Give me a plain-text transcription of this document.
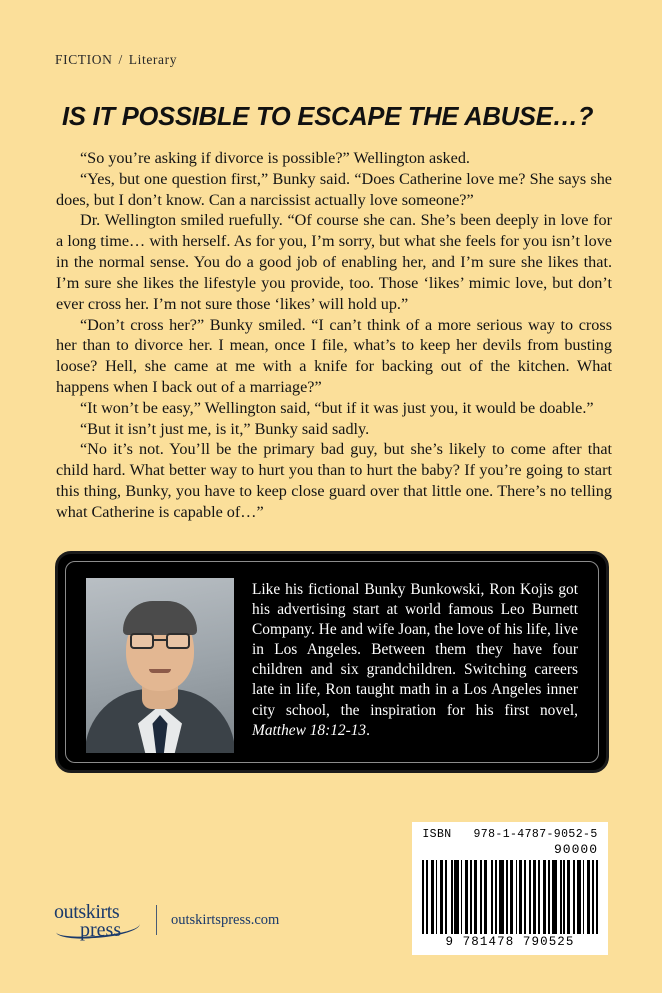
FICTION / Literary
IS IT POSSIBLE TO ESCAPE THE ABUSE…?

“So you’re asking if divorce is possible?” Wellington asked.

“Yes, but one question first,” Bunky said. “Does Catherine love me? She says she does, but I don’t know. Can a narcissist actually love someone?”

Dr. Wellington smiled ruefully. “Of course she can. She’s been deeply in love for a long time… with herself. As for you, I’m sorry, but what she feels for you isn’t love in the normal sense. You do a good job of enabling her, and I’m sure she likes that. I’m sure she likes the lifestyle you provide, too. Those ‘likes’ mimic love, but don’t ever cross her. I’m not sure those ‘likes’ will hold up.”

“Don’t cross her?” Bunky smiled. “I can’t think of a more serious way to cross her than to divorce her. I mean, once I file, what’s to keep her devils from busting loose? Hell, she came at me with a knife for backing out of the kitchen. What happens when I back out of a marriage?”

“It won’t be easy,” Wellington said, “but if it was just you, it would be doable.”

“But it isn’t just me, is it,” Bunky said sadly.

“No it’s not. You’ll be the primary bad guy, but she’s likely to come after that child hard. What better way to hurt you than to hurt the baby? If you’re going to start this thing, Bunky, you have to keep close guard over that little one. There’s no telling what Catherine is capable of…”

Like his fictional Bunky Bunkowski, Ron Kojis got his advertising start at world famous Leo Burnett Company. He and wife Joan, the love of his life, live in Los Angeles. Between them they have four children and six grandchildren. Switching careers late in life, Ron taught math in a Los Angeles inner city school, the inspiration for his first novel, Matthew 18:12-13.
ISBN 978-1-4787-9052-5
90000
9 781478 790525
outskirts
press	outskirtspress.com
